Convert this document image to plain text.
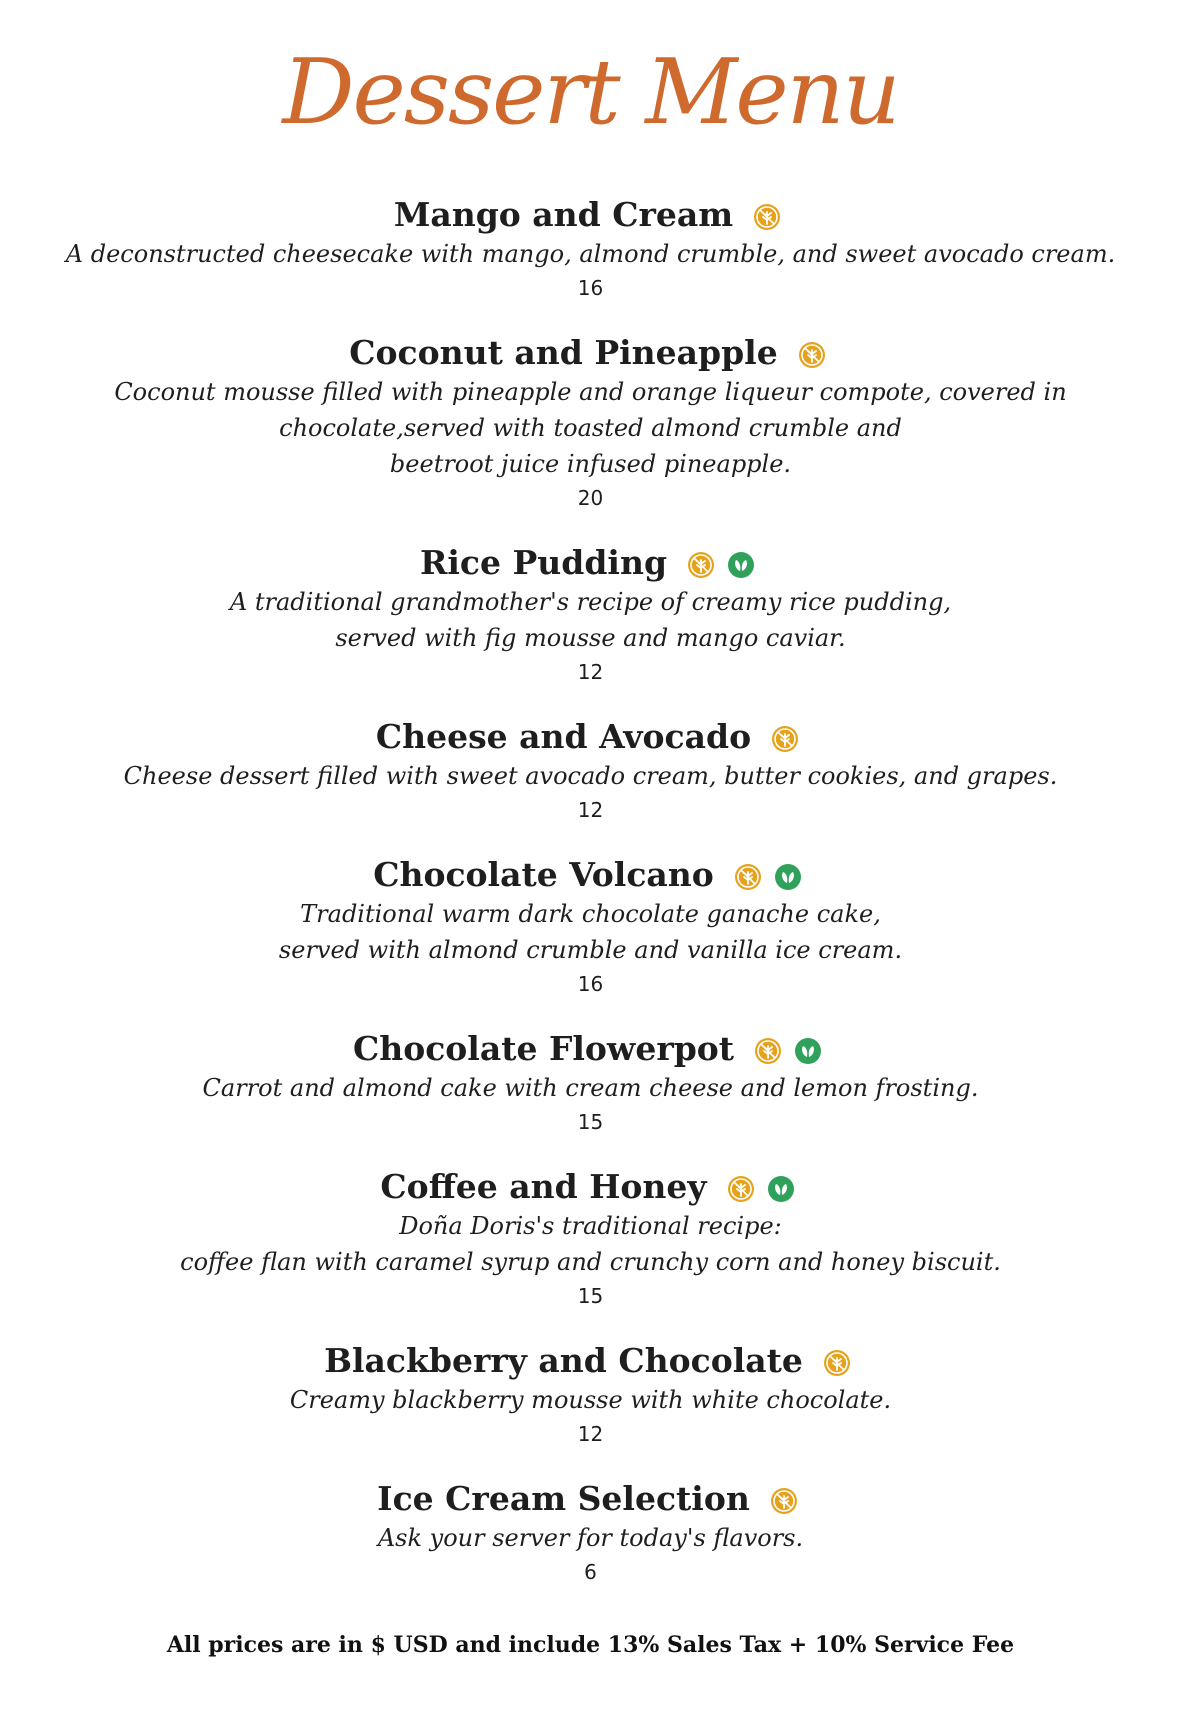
Dessert Menu
Mango and Cream
A deconstructed cheesecake with mango, almond crumble, and sweet avocado cream.
16
Coconut and Pineapple
Coconut mousse filled with pineapple and orange liqueur compote, covered in
chocolate,served with toasted almond crumble and
beetroot juice infused pineapple.
20
Rice Pudding
A traditional grandmother's recipe of creamy rice pudding,
served with fig mousse and mango caviar.
12
Cheese and Avocado
Cheese dessert filled with sweet avocado cream, butter cookies, and grapes.
12
Chocolate Volcano
Traditional warm dark chocolate ganache cake,
served with almond crumble and vanilla ice cream.
16
Chocolate Flowerpot
Carrot and almond cake with cream cheese and lemon frosting.
15
Coffee and Honey
Doña Doris's traditional recipe:
coffee flan with caramel syrup and crunchy corn and honey biscuit.
15
Blackberry and Chocolate
Creamy blackberry mousse with white chocolate.
12
Ice Cream Selection
Ask your server for today's flavors.
6
All prices are in $ USD and include 13% Sales Tax + 10% Service Fee
